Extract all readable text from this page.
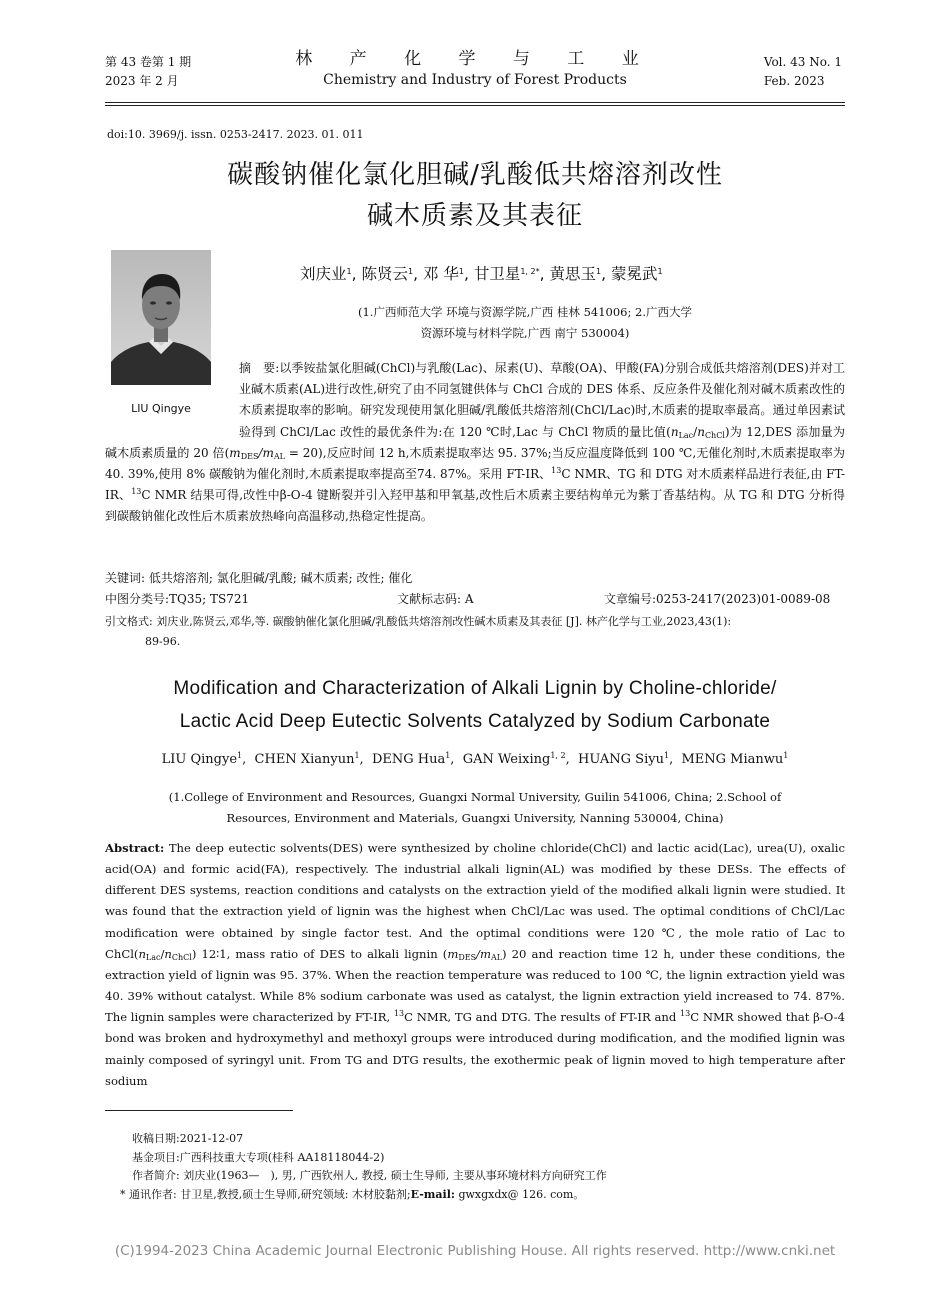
第 43 卷第 1 期
2023 年 2 月
林 产 化 学 与 工 业
Chemistry and Industry of Forest Products
Vol. 43 No. 1
Feb. 2023
doi:10. 3969/j. issn. 0253-2417. 2023. 01. 011
碳酸钠催化氯化胆碱/乳酸低共熔溶剂改性
碱木质素及其表征
LIU Qingye
刘庆业$^1$, 陈贤云$^1$, 邓 华$^1$, 甘卫星$^{1, 2*}$, 黄思玉$^1$, 蒙冕武$^1$
(1.广西师范大学 环境与资源学院,广西 桂林 541006; 2.广西大学
资源环境与材料学院,广西 南宁 530004)
摘　要:以季铵盐氯化胆碱(ChCl)与乳酸(Lac)、尿素(U)、草酸(OA)、甲酸(FA)分别合成低共熔溶剂(DES)并对工业碱木质素(AL)进行改性,研究了由不同氢键供体与 ChCl 合成的 DES 体系、反应条件及催化剂对碱木质素改性的木质素提取率的影响。研究发现使用氯化胆碱/乳酸低共熔溶剂(ChCl/Lac)时,木质素的提取率最高。通过单因素试验得到 ChCl/Lac 改性的最优条件为:在 120 ℃时,Lac 与 ChCl 物质的量比值$(n_{Lac}/n_{ChCl})$为 12,DES 添加量为碱木质素质量的 20 倍$(m_{DES}/m_{AL} = 20)$,反应时间 12 h,木质素提取率达 95. 37%;当反应温度降低到 100 ℃,无催化剂时,木质素提取率为 40. 39%,使用 8% 碳酸钠为催化剂时,木质素提取率提高至74. 87%。采用 FT-IR、$^{13}$C NMR、TG 和 DTG 对木质素样品进行表征,由 FT-IR、$^{13}$C NMR 结果可得,改性中β-O-4 键断裂并引入羟甲基和甲氧基,改性后木质素主要结构单元为紫丁香基结构。从 TG 和 DTG 分析得到碳酸钠催化改性后木质素放热峰向高温移动,热稳定性提高。
关键词: 低共熔溶剂; 氯化胆碱/乳酸; 碱木质素; 改性; 催化
中图分类号:TQ35; TS721	文献标志码: A	文章编号:0253-2417(2023)01-0089-08
引文格式: 刘庆业,陈贤云,邓华,等. 碳酸钠催化氯化胆碱/乳酸低共熔溶剂改性碱木质素及其表征 [J]. 林产化学与工业,2023,43(1):
89-96.
Modification and Characterization of Alkali Lignin by Choline-chloride/
Lactic Acid Deep Eutectic Solvents Catalyzed by Sodium Carbonate
LIU Qingye$^1$,  CHEN Xianyun$^1$,  DENG Hua$^1$,  GAN Weixing$^{1, 2}$,  HUANG Siyu$^1$,  MENG Mianwu$^1$
(1.College of Environment and Resources, Guangxi Normal University, Guilin 541006, China; 2.School of
Resources, Environment and Materials, Guangxi University, Nanning 530004, China)
Abstract: The deep eutectic solvents(DES) were synthesized by choline chloride(ChCl) and lactic acid(Lac), urea(U), oxalic acid(OA) and formic acid(FA), respectively. The industrial alkali lignin(AL) was modified by these DESs. The effects of different DES systems, reaction conditions and catalysts on the extraction yield of the modified alkali lignin were studied. It was found that the extraction yield of lignin was the highest when ChCl/Lac was used. The optimal conditions of ChCl/Lac modification were obtained by single factor test. And the optimal conditions were 120 ℃, the mole ratio of Lac to $ChCl(n_{Lac}/n_{ChCl})$ 12∶1, mass ratio of DES to alkali lignin $(m_{DES}/m_{AL})$ 20 and reaction time 12 h, under these conditions, the extraction yield of lignin was 95. 37%. When the reaction temperature was reduced to 100 ℃, the lignin extraction yield was 40. 39% without catalyst. While 8% sodium carbonate was used as catalyst, the lignin extraction yield increased to 74. 87%. The lignin samples were characterized by FT-IR, $^{13}$C NMR, TG and DTG. The results of FT-IR and $^{13}$C NMR showed that β-O-4 bond was broken and hydroxymethyl and methoxyl groups were introduced during modification, and the modified lignin was mainly composed of syringyl unit. From TG and DTG results, the exothermic peak of lignin moved to high temperature after sodium
收稿日期:2021-12-07
基金项目:广西科技重大专项(桂科 AA18118044-2)
作者简介: 刘庆业(1963—　), 男, 广西钦州人, 教授, 硕士生导师, 主要从事环境材料方向研究工作
* 通讯作者: 甘卫星,教授,硕士生导师,研究领域: 木材胶黏剂;E-mail: gwxgxdx@ 126. com。
(C)1994-2023 China Academic Journal Electronic Publishing House. All rights reserved. http://www.cnki.net
